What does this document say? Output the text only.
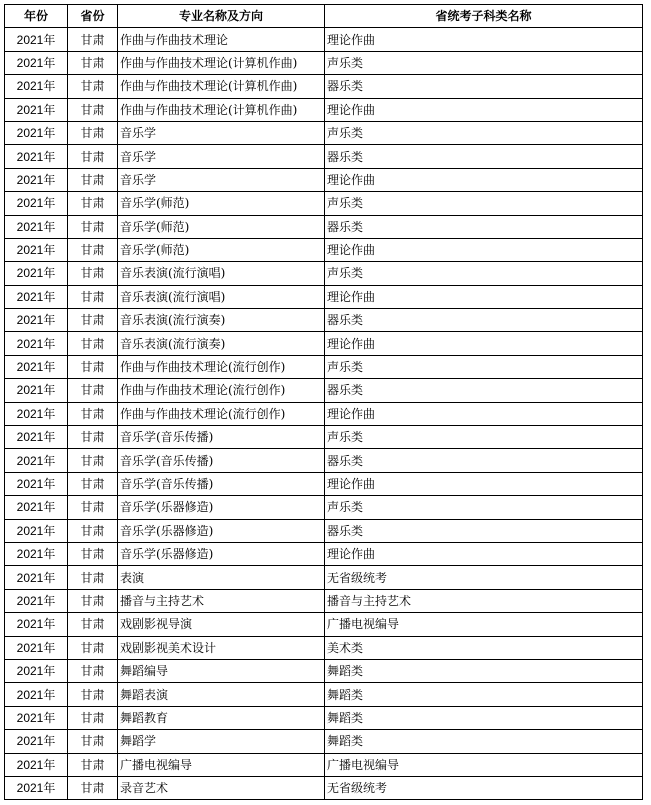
年份	省份	专业名称及方向	省统考子科类名称
2021年	甘肃	作曲与作曲技术理论	理论作曲
2021年	甘肃	作曲与作曲技术理论(计算机作曲)	声乐类
2021年	甘肃	作曲与作曲技术理论(计算机作曲)	器乐类
2021年	甘肃	作曲与作曲技术理论(计算机作曲)	理论作曲
2021年	甘肃	音乐学	声乐类
2021年	甘肃	音乐学	器乐类
2021年	甘肃	音乐学	理论作曲
2021年	甘肃	音乐学(师范)	声乐类
2021年	甘肃	音乐学(师范)	器乐类
2021年	甘肃	音乐学(师范)	理论作曲
2021年	甘肃	音乐表演(流行演唱)	声乐类
2021年	甘肃	音乐表演(流行演唱)	理论作曲
2021年	甘肃	音乐表演(流行演奏)	器乐类
2021年	甘肃	音乐表演(流行演奏)	理论作曲
2021年	甘肃	作曲与作曲技术理论(流行创作)	声乐类
2021年	甘肃	作曲与作曲技术理论(流行创作)	器乐类
2021年	甘肃	作曲与作曲技术理论(流行创作)	理论作曲
2021年	甘肃	音乐学(音乐传播)	声乐类
2021年	甘肃	音乐学(音乐传播)	器乐类
2021年	甘肃	音乐学(音乐传播)	理论作曲
2021年	甘肃	音乐学(乐器修造)	声乐类
2021年	甘肃	音乐学(乐器修造)	器乐类
2021年	甘肃	音乐学(乐器修造)	理论作曲
2021年	甘肃	表演	无省级统考
2021年	甘肃	播音与主持艺术	播音与主持艺术
2021年	甘肃	戏剧影视导演	广播电视编导
2021年	甘肃	戏剧影视美术设计	美术类
2021年	甘肃	舞蹈编导	舞蹈类
2021年	甘肃	舞蹈表演	舞蹈类
2021年	甘肃	舞蹈教育	舞蹈类
2021年	甘肃	舞蹈学	舞蹈类
2021年	甘肃	广播电视编导	广播电视编导
2021年	甘肃	录音艺术	无省级统考
